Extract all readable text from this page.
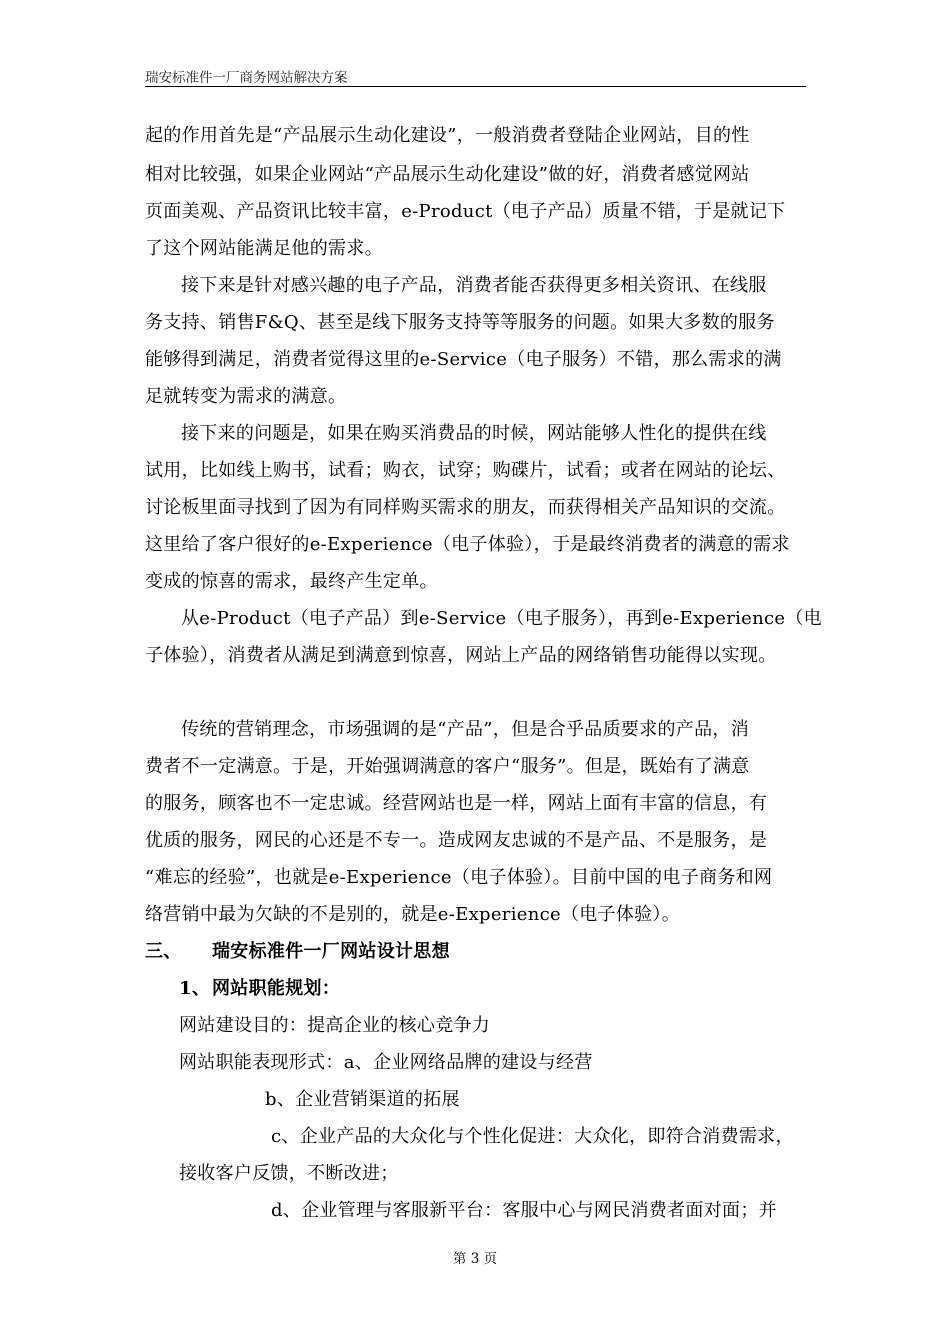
瑞安标准件一厂商务网站解决方案
起的作用首先是“产品展示生动化建设”，一般消费者登陆企业网站，目的性
相对比较强，如果企业网站“产品展示生动化建设”做的好，消费者感觉网站
页面美观、产品资讯比较丰富，e-Product（电子产品）质量不错，于是就记下
了这个网站能满足他的需求。
接下来是针对感兴趣的电子产品，消费者能否获得更多相关资讯、在线服
务支持、销售F&Q、甚至是线下服务支持等等服务的问题。如果大多数的服务
能够得到满足，消费者觉得这里的e-Service（电子服务）不错，那么需求的满
足就转变为需求的满意。
接下来的问题是，如果在购买消费品的时候，网站能够人性化的提供在线
试用，比如线上购书，试看；购衣，试穿；购碟片，试看；或者在网站的论坛、
讨论板里面寻找到了因为有同样购买需求的朋友，而获得相关产品知识的交流。
这里给了客户很好的e-Experience（电子体验），于是最终消费者的满意的需求
变成的惊喜的需求，最终产生定单。
从e-Product（电子产品）到e-Service（电子服务），再到e-Experience（电
子体验），消费者从满足到满意到惊喜，网站上产品的网络销售功能得以实现。
传统的营销理念，市场强调的是“产品”，但是合乎品质要求的产品，消
费者不一定满意。于是，开始强调满意的客户“服务”。但是，既始有了满意
的服务，顾客也不一定忠诚。经营网站也是一样，网站上面有丰富的信息，有
优质的服务，网民的心还是不专一。造成网友忠诚的不是产品、不是服务，是
“难忘的经验”，也就是e-Experience（电子体验）。目前中国的电子商务和网
络营销中最为欠缺的不是别的，就是e-Experience（电子体验）。
三、 瑞安标准件一厂网站设计思想
1、 网站职能规划：
网站建设目的：提高企业的核心竞争力
网站职能表现形式：a、企业网络品牌的建设与经营
b、企业营销渠道的拓展
c、企业产品的大众化与个性化促进：大众化，即符合消费需求，
接收客户反馈，不断改进；
d、企业管理与客服新平台：客服中心与网民消费者面对面；并
第 3 页
